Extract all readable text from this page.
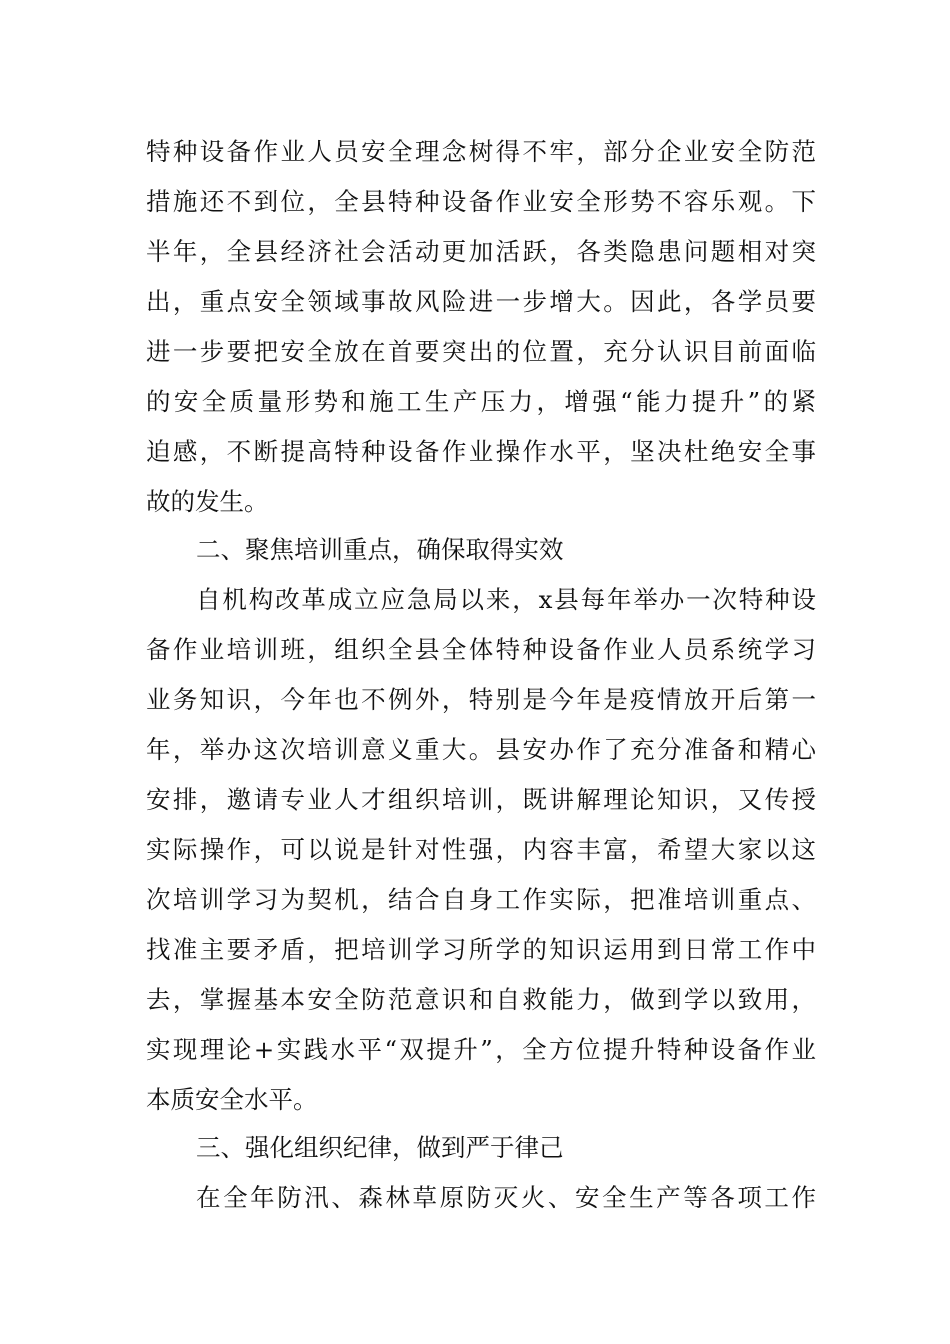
特种设备作业人员安全理念树得不牢，部分企业安全防范
措施还不到位，全县特种设备作业安全形势不容乐观。下
半年，全县经济社会活动更加活跃，各类隐患问题相对突
出，重点安全领域事故风险进一步增大。因此，各学员要
进一步要把安全放在首要突出的位置，充分认识目前面临
的安全质量形势和施工生产压力，增强“能力提升”的紧
迫感，不断提高特种设备作业操作水平，坚决杜绝安全事
故的发生。
二、聚焦培训重点，确保取得实效
自机构改革成立应急局以来，x县每年举办一次特种设
备作业培训班，组织全县全体特种设备作业人员系统学习
业务知识，今年也不例外，特别是今年是疫情放开后第一
年，举办这次培训意义重大。县安办作了充分准备和精心
安排，邀请专业人才组织培训，既讲解理论知识，又传授
实际操作，可以说是针对性强，内容丰富，希望大家以这
次培训学习为契机，结合自身工作实际，把准培训重点、
找准主要矛盾，把培训学习所学的知识运用到日常工作中
去，掌握基本安全防范意识和自救能力，做到学以致用，
实现理论+实践水平“双提升”，全方位提升特种设备作业
本质安全水平。
三、强化组织纪律，做到严于律己
在全年防汛、森林草原防灭火、安全生产等各项工作
